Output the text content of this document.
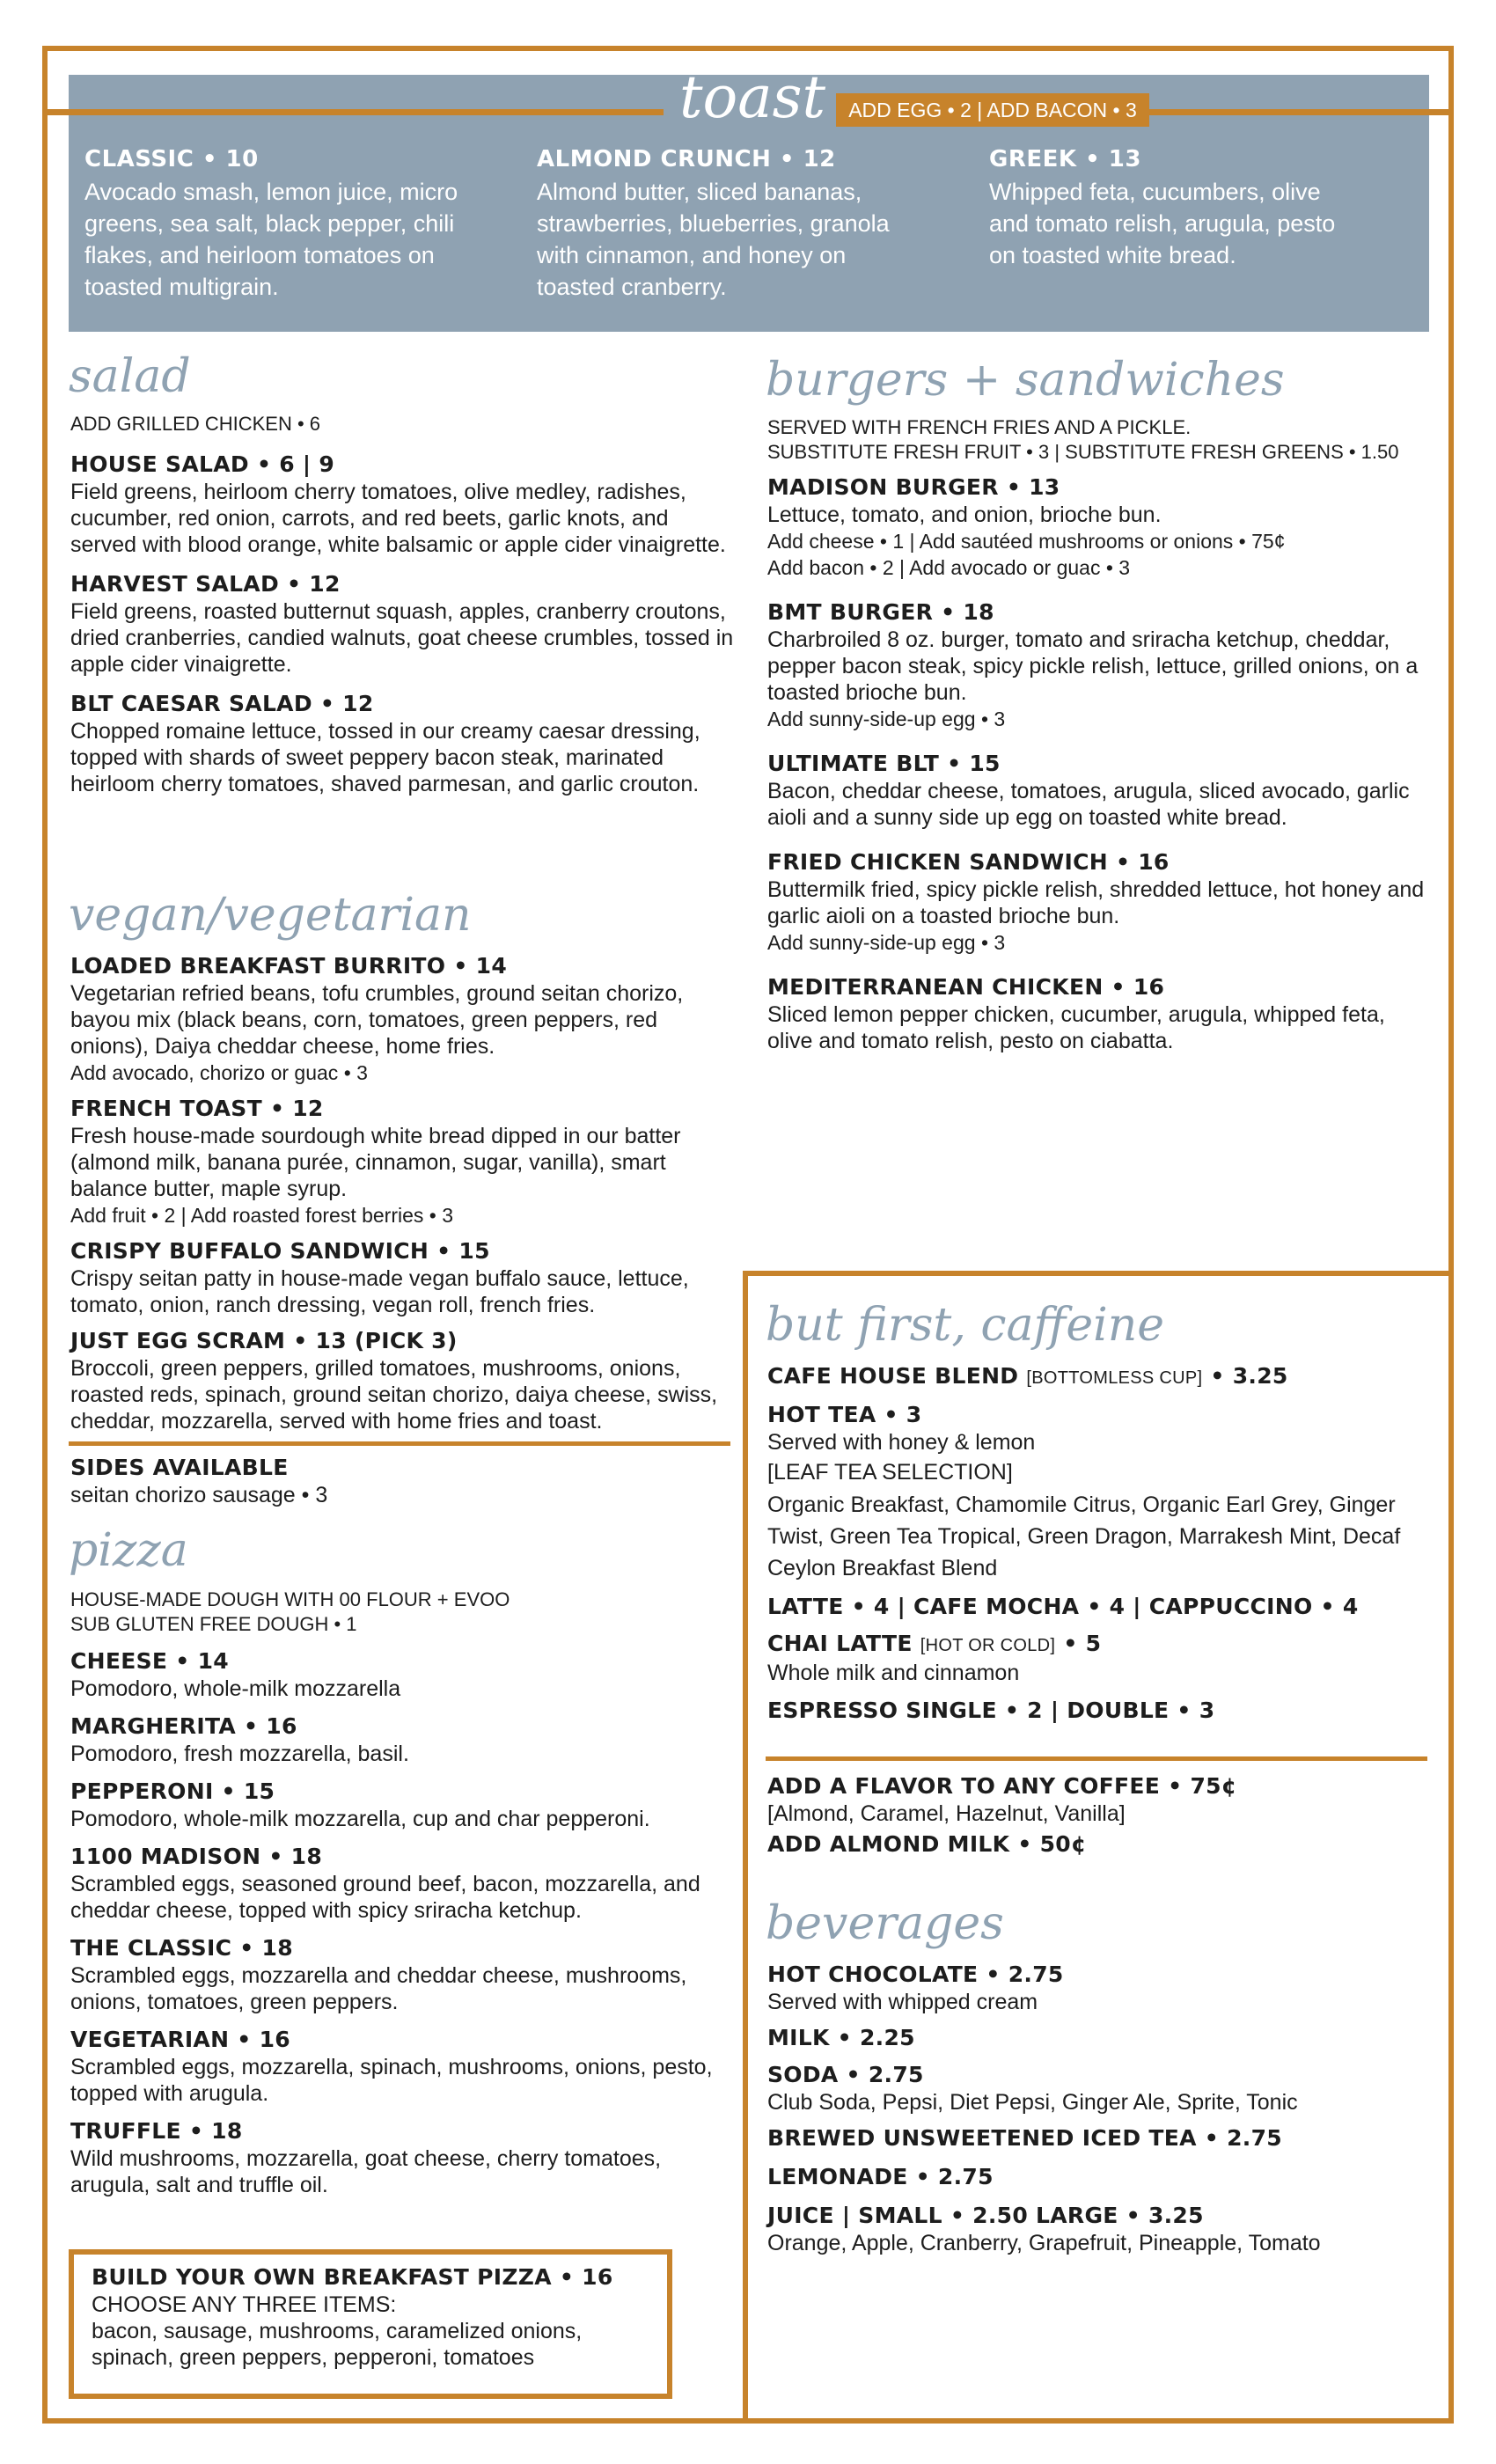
toast	ADD EGG • 2 | ADD BACON • 3
CLASSIC • 10
Avocado smash, lemon juice, micro greens, sea salt, black pepper, chili flakes, and heirloom tomatoes on toasted multigrain.
ALMOND CRUNCH • 12
Almond butter, sliced bananas, strawberries, blueberries, granola with cinnamon, and honey on toasted cranberry.
GREEK • 13
Whipped feta, cucumbers, olive and tomato relish, arugula, pesto on toasted white bread.
salad
ADD GRILLED CHICKEN • 6
HOUSE SALAD • 6 | 9
Field greens, heirloom cherry tomatoes, olive medley, radishes, cucumber, red onion, carrots, and red beets, garlic knots, and served with blood orange, white balsamic or apple cider vinaigrette.
HARVEST SALAD • 12
Field greens, roasted butternut squash, apples, cranberry croutons, dried cranberries, candied walnuts, goat cheese crumbles, tossed in apple cider vinaigrette.
BLT CAESAR SALAD • 12
Chopped romaine lettuce, tossed in our creamy caesar dressing, topped with shards of sweet peppery bacon steak, marinated heirloom cherry tomatoes, shaved parmesan, and garlic crouton.
vegan/vegetarian
LOADED BREAKFAST BURRITO • 14
Vegetarian refried beans, tofu crumbles, ground seitan chorizo, bayou mix (black beans, corn, tomatoes, green peppers, red onions), Daiya cheddar cheese, home fries.
Add avocado, chorizo or guac • 3
FRENCH TOAST • 12
Fresh house-made sourdough white bread dipped in our batter (almond milk, banana purée, cinnamon, sugar, vanilla), smart balance butter, maple syrup.
Add fruit • 2 | Add roasted forest berries • 3
CRISPY BUFFALO SANDWICH • 15
Crispy seitan patty in house-made vegan buffalo sauce, lettuce, tomato, onion, ranch dressing, vegan roll, french fries.
JUST EGG SCRAM • 13 (PICK 3)
Broccoli, green peppers, grilled tomatoes, mushrooms, onions, roasted reds, spinach, ground seitan chorizo, daiya cheese, swiss, cheddar, mozzarella, served with home fries and toast.
SIDES AVAILABLE
seitan chorizo sausage • 3
pizza
HOUSE-MADE DOUGH WITH 00 FLOUR + EVOO
SUB GLUTEN FREE DOUGH • 1
CHEESE • 14
Pomodoro, whole-milk mozzarella
MARGHERITA • 16
Pomodoro, fresh mozzarella, basil.
PEPPERONI • 15
Pomodoro, whole-milk mozzarella, cup and char pepperoni.
1100 MADISON • 18
Scrambled eggs, seasoned ground beef, bacon, mozzarella, and cheddar cheese, topped with spicy sriracha ketchup.
THE CLASSIC • 18
Scrambled eggs, mozzarella and cheddar cheese, mushrooms, onions, tomatoes, green peppers.
VEGETARIAN • 16
Scrambled eggs, mozzarella, spinach, mushrooms, onions, pesto, topped with arugula.
TRUFFLE • 18
Wild mushrooms, mozzarella, goat cheese, cherry tomatoes, arugula, salt and truffle oil.
BUILD YOUR OWN BREAKFAST PIZZA • 16
CHOOSE ANY THREE ITEMS:
bacon, sausage, mushrooms, caramelized onions, spinach, green peppers, pepperoni, tomatoes
burgers + sandwiches
SERVED WITH FRENCH FRIES AND A PICKLE.
SUBSTITUTE FRESH FRUIT • 3 | SUBSTITUTE FRESH GREENS • 1.50
MADISON BURGER • 13
Lettuce, tomato, and onion, brioche bun.
Add cheese • 1 | Add sautéed mushrooms or onions • 75¢
Add bacon • 2 | Add avocado or guac • 3
BMT BURGER • 18
Charbroiled 8 oz. burger, tomato and sriracha ketchup, cheddar, pepper bacon steak, spicy pickle relish, lettuce, grilled onions, on a toasted brioche bun.
Add sunny-side-up egg • 3
ULTIMATE BLT • 15
Bacon, cheddar cheese, tomatoes, arugula, sliced avocado, garlic aioli and a sunny side up egg on toasted white bread.
FRIED CHICKEN SANDWICH • 16
Buttermilk fried, spicy pickle relish, shredded lettuce, hot honey and garlic aioli on a toasted brioche bun.
Add sunny-side-up egg • 3
MEDITERRANEAN CHICKEN • 16
Sliced lemon pepper chicken, cucumber, arugula, whipped feta, olive and tomato relish, pesto on ciabatta.
but first, caffeine
CAFE HOUSE BLEND [BOTTOMLESS CUP] • 3.25
HOT TEA • 3
Served with honey & lemon
[LEAF TEA SELECTION]
Organic Breakfast, Chamomile Citrus, Organic Earl Grey, Ginger Twist, Green Tea Tropical, Green Dragon, Marrakesh Mint, Decaf Ceylon Breakfast Blend
LATTE • 4 | CAFE MOCHA • 4 | CAPPUCCINO • 4
CHAI LATTE [HOT OR COLD] • 5
Whole milk and cinnamon
ESPRESSO SINGLE • 2 | DOUBLE • 3
ADD A FLAVOR TO ANY COFFEE • 75¢
[Almond, Caramel, Hazelnut, Vanilla]
ADD ALMOND MILK • 50¢
beverages
HOT CHOCOLATE • 2.75
Served with whipped cream
MILK • 2.25
SODA • 2.75
Club Soda, Pepsi, Diet Pepsi, Ginger Ale, Sprite, Tonic
BREWED UNSWEETENED ICED TEA • 2.75
LEMONADE • 2.75
JUICE | SMALL • 2.50 LARGE • 3.25
Orange, Apple, Cranberry, Grapefruit, Pineapple, Tomato
